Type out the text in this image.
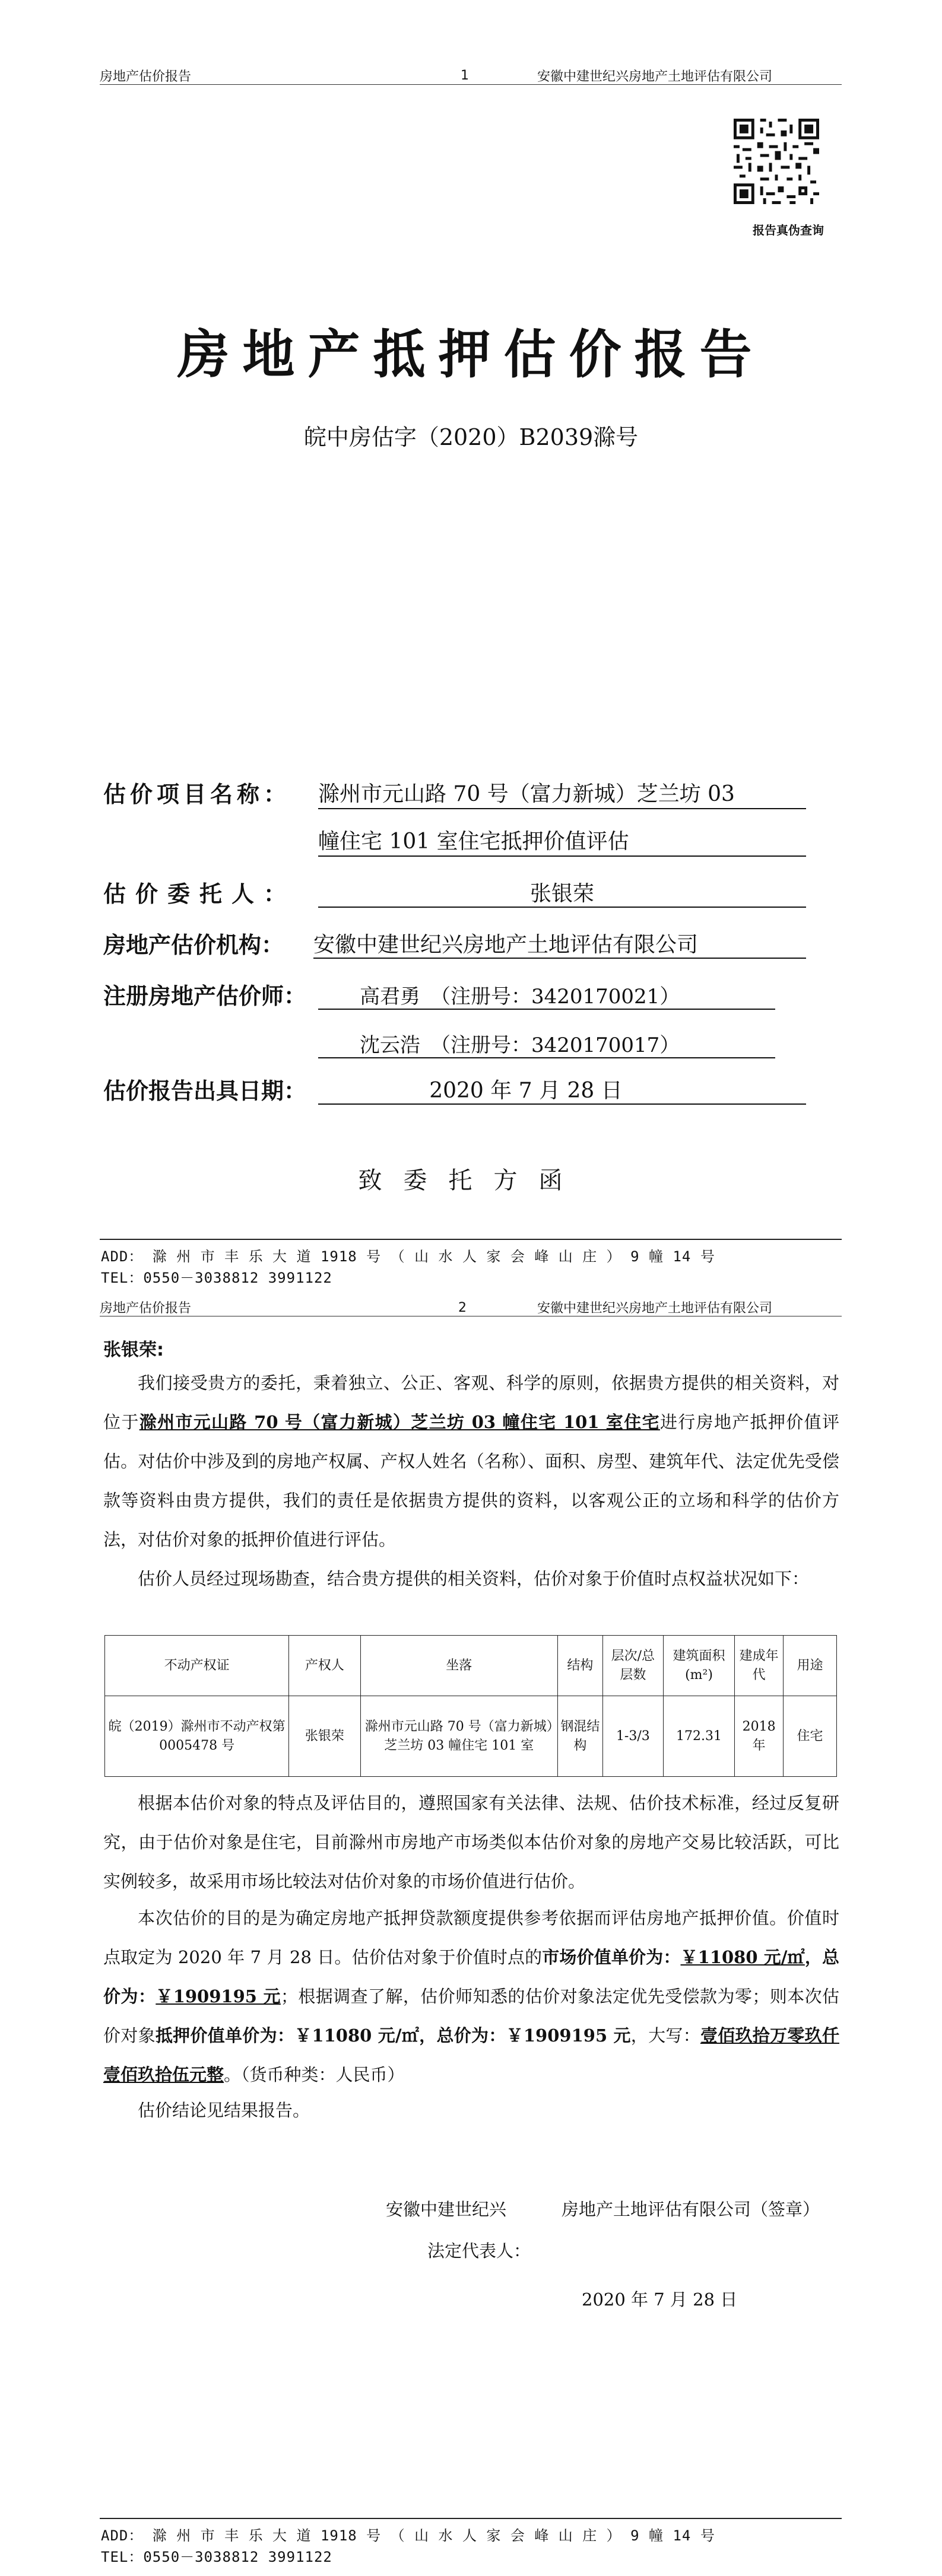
房地产估价报告	1	安徽中建世纪兴房地产土地评估有限公司
报告真伪查询
房地产抵押估价报告
皖中房估字（2020）B2039滁号
估价项目名称： 滁州市元山路 70 号（富力新城）芝兰坊 03
幢住宅 101 室住宅抵押价值评估
估价委托人：	张银荣
房地产估价机构： 安徽中建世纪兴房地产土地评估有限公司
注册房地产估价师：	高君勇　（注册号：3420170021）
沈云浩　（注册号：3420170017）
估价报告出具日期：	2020 年 7 月 28 日
致委托方函
ADD： 滁 州 市 丰 乐 大 道 1918 号 （ 山 水 人 家 会 峰 山 庄 ） 9 幢 14 号
TEL：0550－3038812 3991122
房地产估价报告	2	安徽中建世纪兴房地产土地评估有限公司
张银荣:
我们接受贵方的委托，秉着独立、公正、客观、科学的原则，依据贵方提供的相关资料，对位于滁州市元山路 70 号（富力新城）芝兰坊 03 幢住宅 101 室住宅进行房地产抵押价值评估。对估价中涉及到的房地产权属、产权人姓名（名称）、面积、房型、建筑年代、法定优先受偿款等资料由贵方提供，我们的责任是依据贵方提供的资料，以客观公正的立场和科学的估价方法，对估价对象的抵押价值进行评估。
估价人员经过现场勘查，结合贵方提供的相关资料，估价对象于价值时点权益状况如下：
不动产权证	产权人	坐落	结构	层次/总层数	建筑面积(m²)	建成年代	用途
皖（2019）滁州市不动产权第 0005478 号	张银荣	滁州市元山路 70 号（富力新城）芝兰坊 03 幢住宅 101 室	钢混结构	1-3/3	172.31	2018年	住宅
根据本估价对象的特点及评估目的，遵照国家有关法律、法规、估价技术标准，经过反复研究，由于估价对象是住宅，目前滁州市房地产市场类似本估价对象的房地产交易比较活跃，可比实例较多，故采用市场比较法对估价对象的市场价值进行估价。
本次估价的目的是为确定房地产抵押贷款额度提供参考依据而评估房地产抵押价值。价值时点取定为 2020 年 7 月 28 日。估价估对象于价值时点的市场价值单价为：￥11080 元/㎡，总价为：￥1909195 元；根据调查了解，估价师知悉的估价对象法定优先受偿款为零；则本次估价对象抵押价值单价为：￥11080 元/㎡，总价为：￥1909195 元，大写：壹佰玖拾万零玖仟壹佰玖拾伍元整。（货币种类：人民币）
估价结论见结果报告。
安徽中建世纪兴	房地产土地评估有限公司（签章）
法定代表人：
2020 年 7 月 28 日
ADD： 滁 州 市 丰 乐 大 道 1918 号 （ 山 水 人 家 会 峰 山 庄 ） 9 幢 14 号
TEL：0550－3038812 3991122
